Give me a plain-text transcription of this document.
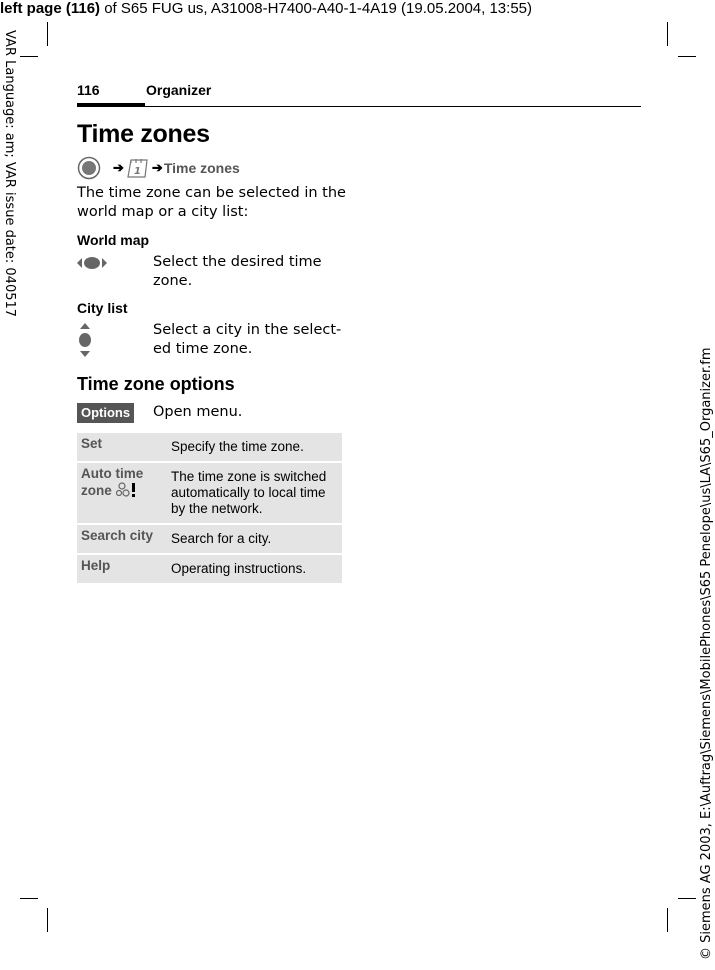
left page (116) of S65 FUG us, A31008-H7400-A40-1-4A19 (19.05.2004, 13:55)
VAR Language: am; VAR issue date: 040517
© Siemens AG 2003, E:\Auftrag\Siemens\MobilePhones\S65 Penelope\us\LA\S65_Organizer.fm
116	Organizer
Time zones
➔ 1 ➔ Time zones
The time zone can be selected in the world map or a city list:
World map
Select the desired time zone.
City list
Select a city in the select-ed time zone.
Time zone options
Options Open menu.
Set	Specify the time zone.
Auto time zone	The time zone is switched automatically to local time by the network.
Search city	Search for a city.
Help	Operating instructions.
